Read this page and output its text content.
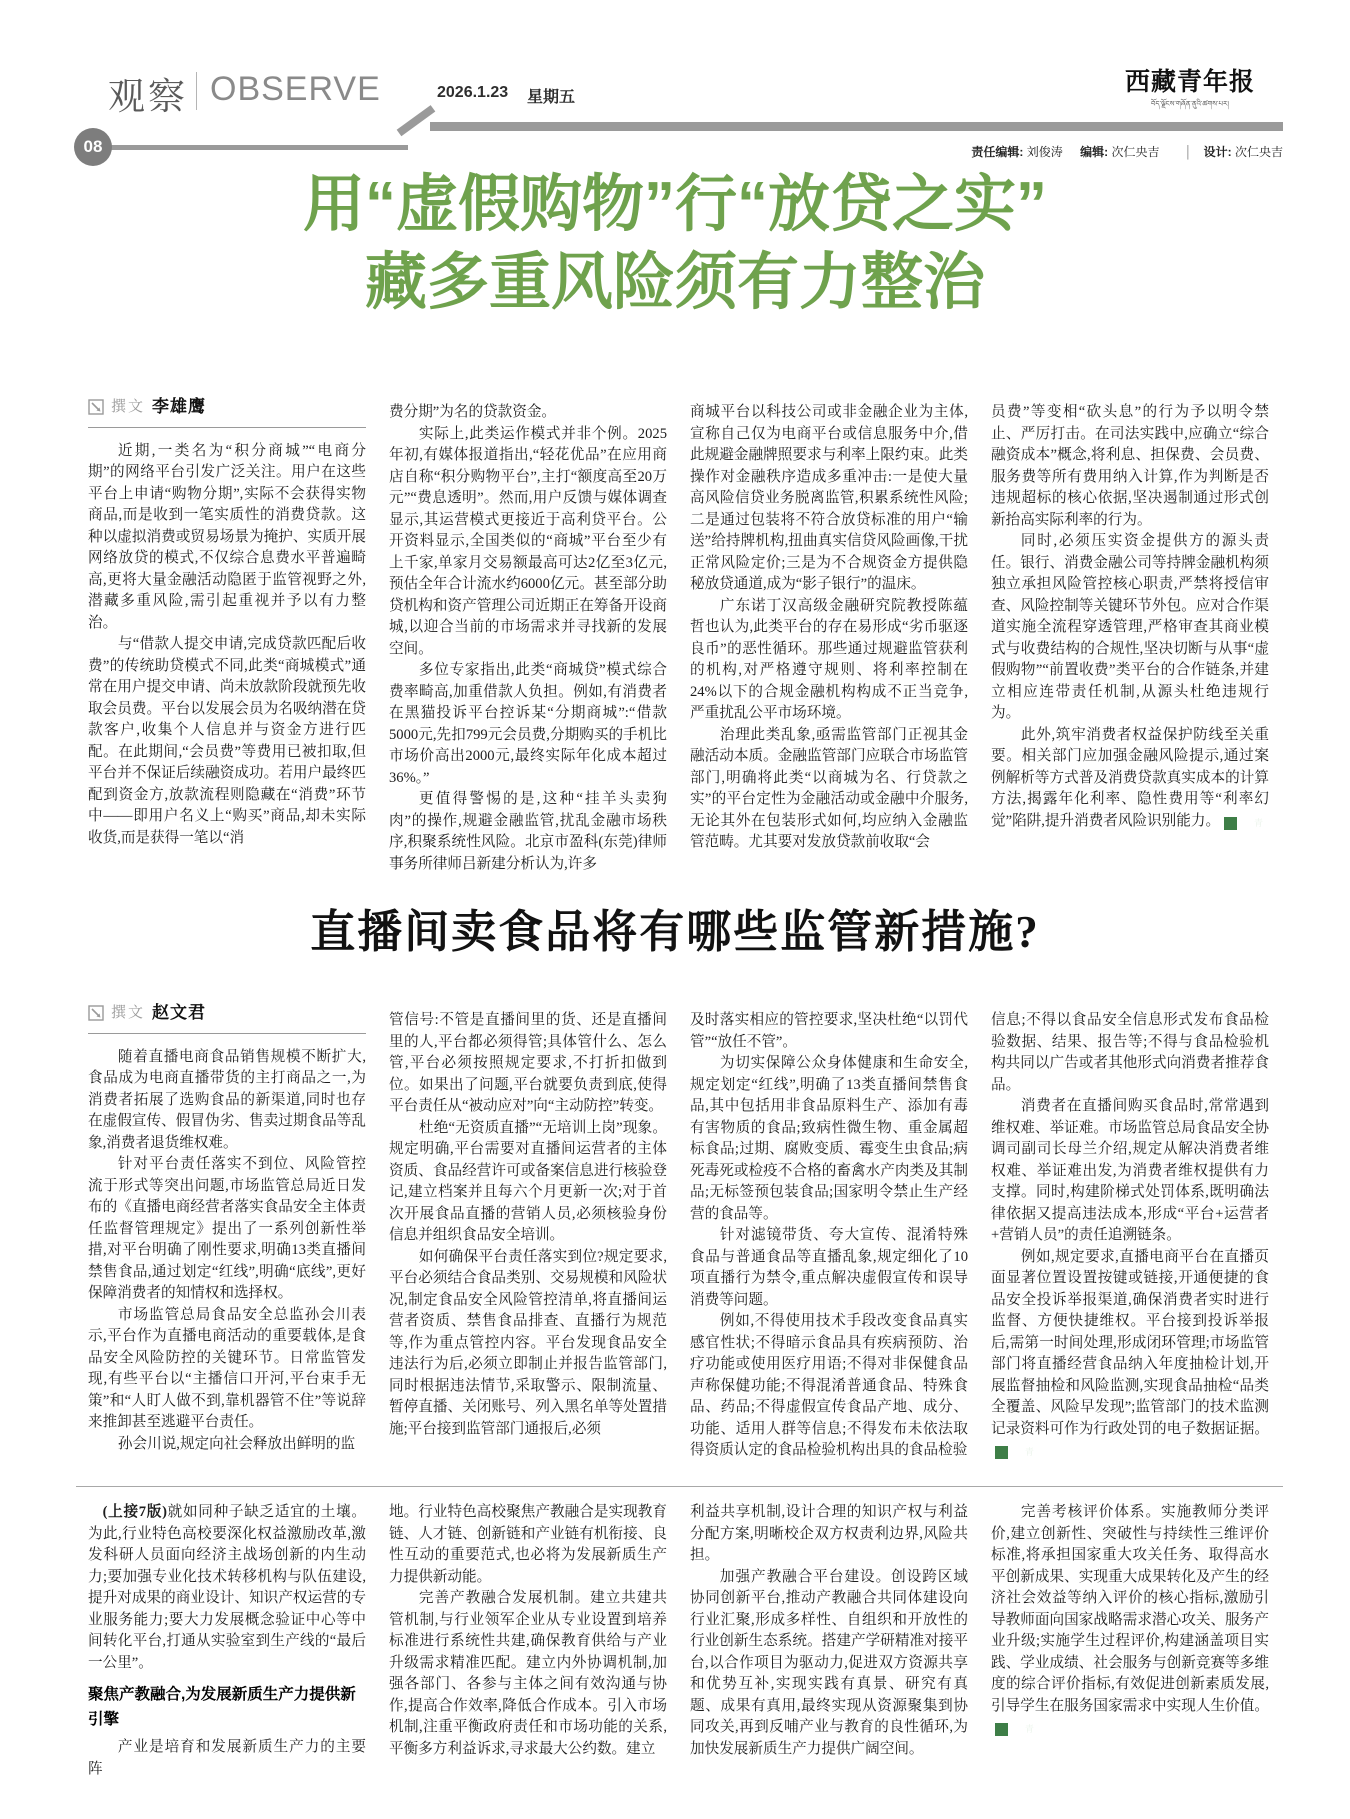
观察 OBSERVE	2026.1.23 星期五
西藏青年报
བོད་ལྗོངས་གཞོན་ནུའི་ཚགས་པར།
08	责任编辑: 刘俊涛 编辑: 次仁央吉 │ 设计: 次仁央吉
用“虚假购物”行“放贷之实”
藏多重风险须有力整治
撰文 李雄鹰

近期,一类名为“积分商城”“电商分期”的网络平台引发广泛关注。用户在这些平台上申请“购物分期”,实际不会获得实物商品,而是收到一笔实质性的消费贷款。这种以虚拟消费或贸易场景为掩护、实质开展网络放贷的模式,不仅综合息费水平普遍畸高,更将大量金融活动隐匿于监管视野之外,潜藏多重风险,需引起重视并予以有力整治。

与“借款人提交申请,完成贷款匹配后收费”的传统助贷模式不同,此类“商城模式”通常在用户提交申请、尚未放款阶段就预先收取会员费。平台以发展会员为名吸纳潜在贷款客户,收集个人信息并与资金方进行匹配。在此期间,“会员费”等费用已被扣取,但平台并不保证后续融资成功。若用户最终匹配到资金方,放款流程则隐藏在“消费”环节中——即用户名义上“购买”商品,却未实际收货,而是获得一笔以“消

费分期”为名的贷款资金。

实际上,此类运作模式并非个例。2025年初,有媒体报道指出,“轻花优品”在应用商店自称“积分购物平台”,主打“额度高至20万元”“费息透明”。然而,用户反馈与媒体调查显示,其运营模式更接近于高利贷平台。公开资料显示,全国类似的“商城”平台至少有上千家,单家月交易额最高可达2亿至3亿元,预估全年合计流水约6000亿元。甚至部分助贷机构和资产管理公司近期正在筹备开设商城,以迎合当前的市场需求并寻找新的发展空间。

多位专家指出,此类“商城贷”模式综合费率畸高,加重借款人负担。例如,有消费者在黑猫投诉平台控诉某“分期商城”:“借款5000元,先扣799元会员费,分期购买的手机比市场价高出2000元,最终实际年化成本超过36%。”

更值得警惕的是,这种“挂羊头卖狗肉”的操作,规避金融监管,扰乱金融市场秩序,积聚系统性风险。北京市盈科(东莞)律师事务所律师吕新建分析认为,许多

商城平台以科技公司或非金融企业为主体,宣称自己仅为电商平台或信息服务中介,借此规避金融牌照要求与利率上限约束。此类操作对金融秩序造成多重冲击:一是使大量高风险信贷业务脱离监管,积累系统性风险;二是通过包装将不符合放贷标准的用户“输送”给持牌机构,扭曲真实信贷风险画像,干扰正常风险定价;三是为不合规资金方提供隐秘放贷通道,成为“影子银行”的温床。

广东诺丁汉高级金融研究院教授陈蕴哲也认为,此类平台的存在易形成“劣币驱逐良币”的恶性循环。那些通过规避监管获利的机构,对严格遵守规则、将利率控制在24%以下的合规金融机构构成不正当竞争,严重扰乱公平市场环境。

治理此类乱象,亟需监管部门正视其金融活动本质。金融监管部门应联合市场监管部门,明确将此类“以商城为名、行贷款之实”的平台定性为金融活动或金融中介服务,无论其外在包装形式如何,均应纳入金融监管范畴。尤其要对发放贷款前收取“会

员费”等变相“砍头息”的行为予以明令禁止、严厉打击。在司法实践中,应确立“综合融资成本”概念,将利息、担保费、会员费、服务费等所有费用纳入计算,作为判断是否违规超标的核心依据,坚决遏制通过形式创新抬高实际利率的行为。

同时,必须压实资金提供方的源头责任。银行、消费金融公司等持牌金融机构须独立承担风险管控核心职责,严禁将授信审查、风险控制等关键环节外包。应对合作渠道实施全流程穿透管理,严格审查其商业模式与收费结构的合规性,坚决切断与从事“虚假购物”“前置收费”类平台的合作链条,并建立相应连带责任机制,从源头杜绝违规行为。

此外,筑牢消费者权益保护防线至关重要。相关部门应加强金融风险提示,通过案例解析等方式普及消费贷款真实成本的计算方法,揭露年化利率、隐性费用等“利率幻觉”陷阱,提升消费者风险识别能力。	青

直播间卖食品将有哪些监管新措施?
撰文 赵文君

随着直播电商食品销售规模不断扩大,食品成为电商直播带货的主打商品之一,为消费者拓展了选购食品的新渠道,同时也存在虚假宣传、假冒伪劣、售卖过期食品等乱象,消费者退货维权难。

针对平台责任落实不到位、风险管控流于形式等突出问题,市场监管总局近日发布的《直播电商经营者落实食品安全主体责任监督管理规定》提出了一系列创新性举措,对平台明确了刚性要求,明确13类直播间禁售食品,通过划定“红线”,明确“底线”,更好保障消费者的知情权和选择权。

市场监管总局食品安全总监孙会川表示,平台作为直播电商活动的重要载体,是食品安全风险防控的关键环节。日常监管发现,有些平台以“主播信口开河,平台束手无策”和“人盯人做不到,靠机器管不住”等说辞来推卸甚至逃避平台责任。

孙会川说,规定向社会释放出鲜明的监

管信号:不管是直播间里的货、还是直播间里的人,平台都必须得管;具体管什么、怎么管,平台必须按照规定要求,不打折扣做到位。如果出了问题,平台就要负责到底,使得平台责任从“被动应对”向“主动防控”转变。

杜绝“无资质直播”“无培训上岗”现象。规定明确,平台需要对直播间运营者的主体资质、食品经营许可或备案信息进行核验登记,建立档案并且每六个月更新一次;对于首次开展食品直播的营销人员,必须核验身份信息并组织食品安全培训。

如何确保平台责任落实到位?规定要求,平台必须结合食品类别、交易规模和风险状况,制定食品安全风险管控清单,将直播间运营者资质、禁售食品排查、直播行为规范等,作为重点管控内容。平台发现食品安全违法行为后,必须立即制止并报告监管部门,同时根据违法情节,采取警示、限制流量、暂停直播、关闭账号、列入黑名单等处置措施;平台接到监管部门通报后,必须

及时落实相应的管控要求,坚决杜绝“以罚代管”“放任不管”。

为切实保障公众身体健康和生命安全,规定划定“红线”,明确了13类直播间禁售食品,其中包括用非食品原料生产、添加有毒有害物质的食品;致病性微生物、重金属超标食品;过期、腐败变质、霉变生虫食品;病死毒死或检疫不合格的畜禽水产肉类及其制品;无标签预包装食品;国家明令禁止生产经营的食品等。

针对滤镜带货、夸大宣传、混淆特殊食品与普通食品等直播乱象,规定细化了10项直播行为禁令,重点解决虚假宣传和误导消费等问题。

例如,不得使用技术手段改变食品真实感官性状;不得暗示食品具有疾病预防、治疗功能或使用医疗用语;不得对非保健食品声称保健功能;不得混淆普通食品、特殊食品、药品;不得虚假宣传食品产地、成分、功能、适用人群等信息;不得发布未依法取得资质认定的食品检验机构出具的食品检验

信息;不得以食品安全信息形式发布食品检验数据、结果、报告等;不得与食品检验机构共同以广告或者其他形式向消费者推荐食品。

消费者在直播间购买食品时,常常遇到维权难、举证难。市场监管总局食品安全协调司副司长母兰介绍,规定从解决消费者维权难、举证难出发,为消费者维权提供有力支撑。同时,构建阶梯式处罚体系,既明确法律依据又提高违法成本,形成“平台+运营者+营销人员”的责任追溯链条。

例如,规定要求,直播电商平台在直播页面显著位置设置按键或链接,开通便捷的食品安全投诉举报渠道,确保消费者实时进行监督、方便快捷维权。平台接到投诉举报后,需第一时间处理,形成闭环管理;市场监管部门将直播经营食品纳入年度抽检计划,开展监督抽检和风险监测,实现食品抽检“品类全覆盖、风险早发现”;监管部门的技术监测记录资料可作为行政处罚的电子数据证据。青

(上接7版)就如同种子缺乏适宜的土壤。为此,行业特色高校要深化权益激励改革,激发科研人员面向经济主战场创新的内生动力;要加强专业化技术转移机构与队伍建设,提升对成果的商业设计、知识产权运营的专业服务能力;要大力发展概念验证中心等中间转化平台,打通从实验室到生产线的“最后一公里”。

聚焦产教融合,为发展新质生产力提供新引擎

产业是培育和发展新质生产力的主要阵

地。行业特色高校聚焦产教融合是实现教育链、人才链、创新链和产业链有机衔接、良性互动的重要范式,也必将为发展新质生产力提供新动能。

完善产教融合发展机制。建立共建共管机制,与行业领军企业从专业设置到培养标准进行系统性共建,确保教育供给与产业升级需求精准匹配。建立内外协调机制,加强各部门、各参与主体之间有效沟通与协作,提高合作效率,降低合作成本。引入市场机制,注重平衡政府责任和市场功能的关系,平衡多方利益诉求,寻求最大公约数。建立

利益共享机制,设计合理的知识产权与利益分配方案,明晰校企双方权责利边界,风险共担。

加强产教融合平台建设。创设跨区域协同创新平台,推动产教融合共同体建设向行业汇聚,形成多样性、自组织和开放性的行业创新生态系统。搭建产学研精准对接平台,以合作项目为驱动力,促进双方资源共享和优势互补,实现实践有真景、研究有真题、成果有真用,最终实现从资源聚集到协同攻关,再到反哺产业与教育的良性循环,为加快发展新质生产力提供广阔空间。

完善考核评价体系。实施教师分类评价,建立创新性、突破性与持续性三维评价标准,将承担国家重大攻关任务、取得高水平创新成果、实现重大成果转化及产生的经济社会效益等纳入评价的核心指标,激励引导教师面向国家战略需求潜心攻关、服务产业升级;实施学生过程评价,构建涵盖项目实践、学业成绩、社会服务与创新竞赛等多维度的综合评价指标,有效促进创新素质发展,引导学生在服务国家需求中实现人生价值。青
